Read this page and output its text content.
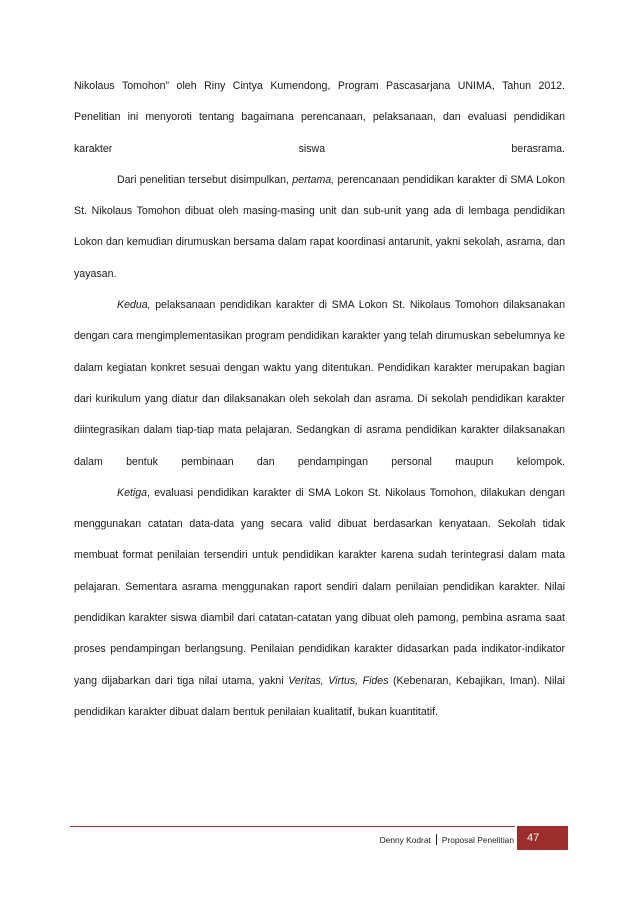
Nikolaus Tomohon” oleh Riny Cintya Kumendong, Program Pascasarjana UNIMA, Tahun 2012. Penelitian ini menyoroti tentang bagaimana perencanaan, pelaksanaan, dan evaluasi pendidikan karakter siswa berasrama.

Dari penelitian tersebut disimpulkan, pertama, perencanaan pendidikan karakter di SMA Lokon St. Nikolaus Tomohon dibuat oleh masing-masing unit dan sub-unit yang ada di lembaga pendidikan Lokon dan kemudian dirumuskan bersama dalam rapat koordinasi antarunit, yakni sekolah, asrama, dan yayasan.

Kedua, pelaksanaan pendidikan karakter di SMA Lokon St. Nikolaus Tomohon dilaksanakan dengan cara mengimplementasikan program pendidikan karakter yang telah dirumuskan sebelumnya ke dalam kegiatan konkret sesuai dengan waktu yang ditentukan. Pendidikan karakter merupakan bagian dari kurikulum yang diatur dan dilaksanakan oleh sekolah dan asrama. Di sekolah pendidikan karakter diintegrasikan dalam tiap-tiap mata pelajaran. Sedangkan di asrama pendidikan karakter dilaksanakan dalam bentuk pembinaan dan pendampingan personal maupun kelompok.

Ketiga, evaluasi pendidikan karakter di SMA Lokon St. Nikolaus Tomohon, dilakukan dengan menggunakan catatan data-data yang secara valid dibuat berdasarkan kenyataan. Sekolah tidak membuat format penilaian tersendiri untuk pendidikan karakter karena sudah terintegrasi dalam mata pelajaran. Sementara asrama menggunakan raport sendiri dalam penilaian pendidikan karakter. Nilai pendidikan karakter siswa diambil dari catatan-catatan yang dibuat oleh pamong, pembina asrama saat proses pendampingan berlangsung. Penilaian pendidikan karakter didasarkan pada indikator-indikator yang dijabarkan dari tiga nilai utama, yakni Veritas, Virtus, Fides (Kebenaran, Kebajikan, Iman). Nilai pendidikan karakter dibuat dalam bentuk penilaian kualitatif, bukan kuantitatif.

Denny Kodrat Proposal Penelitian	47
